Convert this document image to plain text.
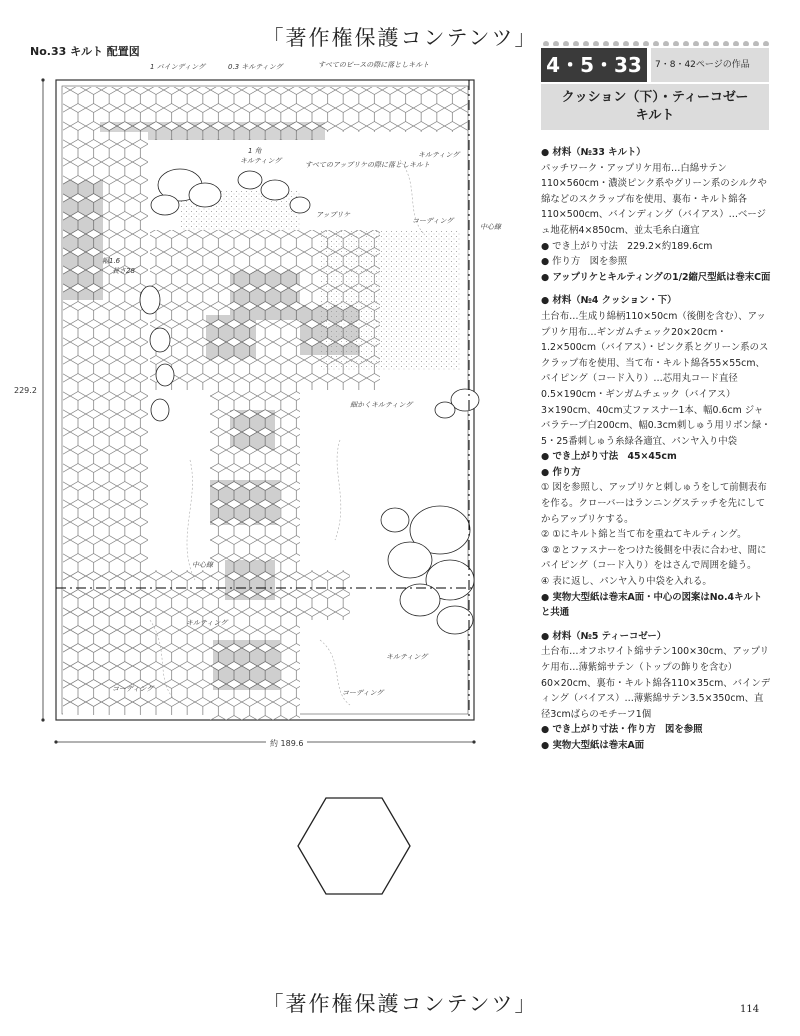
「著作権保護コンテンツ」
No.33 キルト 配置図
1 バインディング	0.3 キルティング	すべてのピースの際に落としキルト
1 角
キルティング	すべてのアップリケの際に落としキルト
キルティング
アップリケ
コーディング
中心線
幅1.6
長さ28
細かくキルティング
中心線
キルティング
キルティング
コーディング	コーディング
229.2
約 189.6
4・5・33	7・8・42ページの作品
クッション（下）・ティーコゼー
キルト

● 材料（№33 キルト）

パッチワーク・アップリケ用布…白綿サテン110×560cm・濃淡ピンク系やグリーン系のシルクや綿などのスクラップ布を使用、裏布・キルト綿各110×500cm、バインディング（バイアス）…ベージュ地花柄4×850cm、並太毛糸白適宜

● でき上がり寸法　229.2×約189.6cm

● 作り方　図を参照

● アップリケとキルティングの1/2縮尺型紙は巻末C面

● 材料（№4 クッション・下）

土台布…生成り綿柄110×50cm（後側を含む）、アップリケ用布…ギンガムチェック20×20cm・1.2×500cm（バイアス）・ピンク系とグリーン系のスクラップ布を使用、当て布・キルト綿各55×55cm、パイピング（コード入り）…芯用丸コード直径0.5×190cm・ギンガムチェック（バイアス）3×190cm、40cm丈ファスナー1本、幅0.6cm ジャバラテープ白200cm、幅0.3cm刺しゅう用リボン緑・5・25番刺しゅう糸緑各適宜、パンヤ入り中袋

● でき上がり寸法　45×45cm

● 作り方

① 図を参照し、アップリケと刺しゅうをして前側表布を作る。クローバーはランニングステッチを先にしてからアップリケする。

② ①にキルト綿と当て布を重ねてキルティング。

③ ②とファスナーをつけた後側を中表に合わせ、間にパイピング（コード入り）をはさんで周囲を縫う。

④ 表に返し、パンヤ入り中袋を入れる。

● 実物大型紙は巻末A面・中心の図案はNo.4キルトと共通

● 材料（№5 ティーコゼー）

土台布…オフホワイト綿サテン100×30cm、アップリケ用布…薄紫綿サテン（トップの飾りを含む）60×20cm、裏布・キルト綿各110×35cm、バインディング（バイアス）…薄紫綿サテン3.5×350cm、直径3cmばらのモチーフ1個

● でき上がり寸法・作り方　図を参照

● 実物大型紙は巻末A面

「著作権保護コンテンツ」	114
